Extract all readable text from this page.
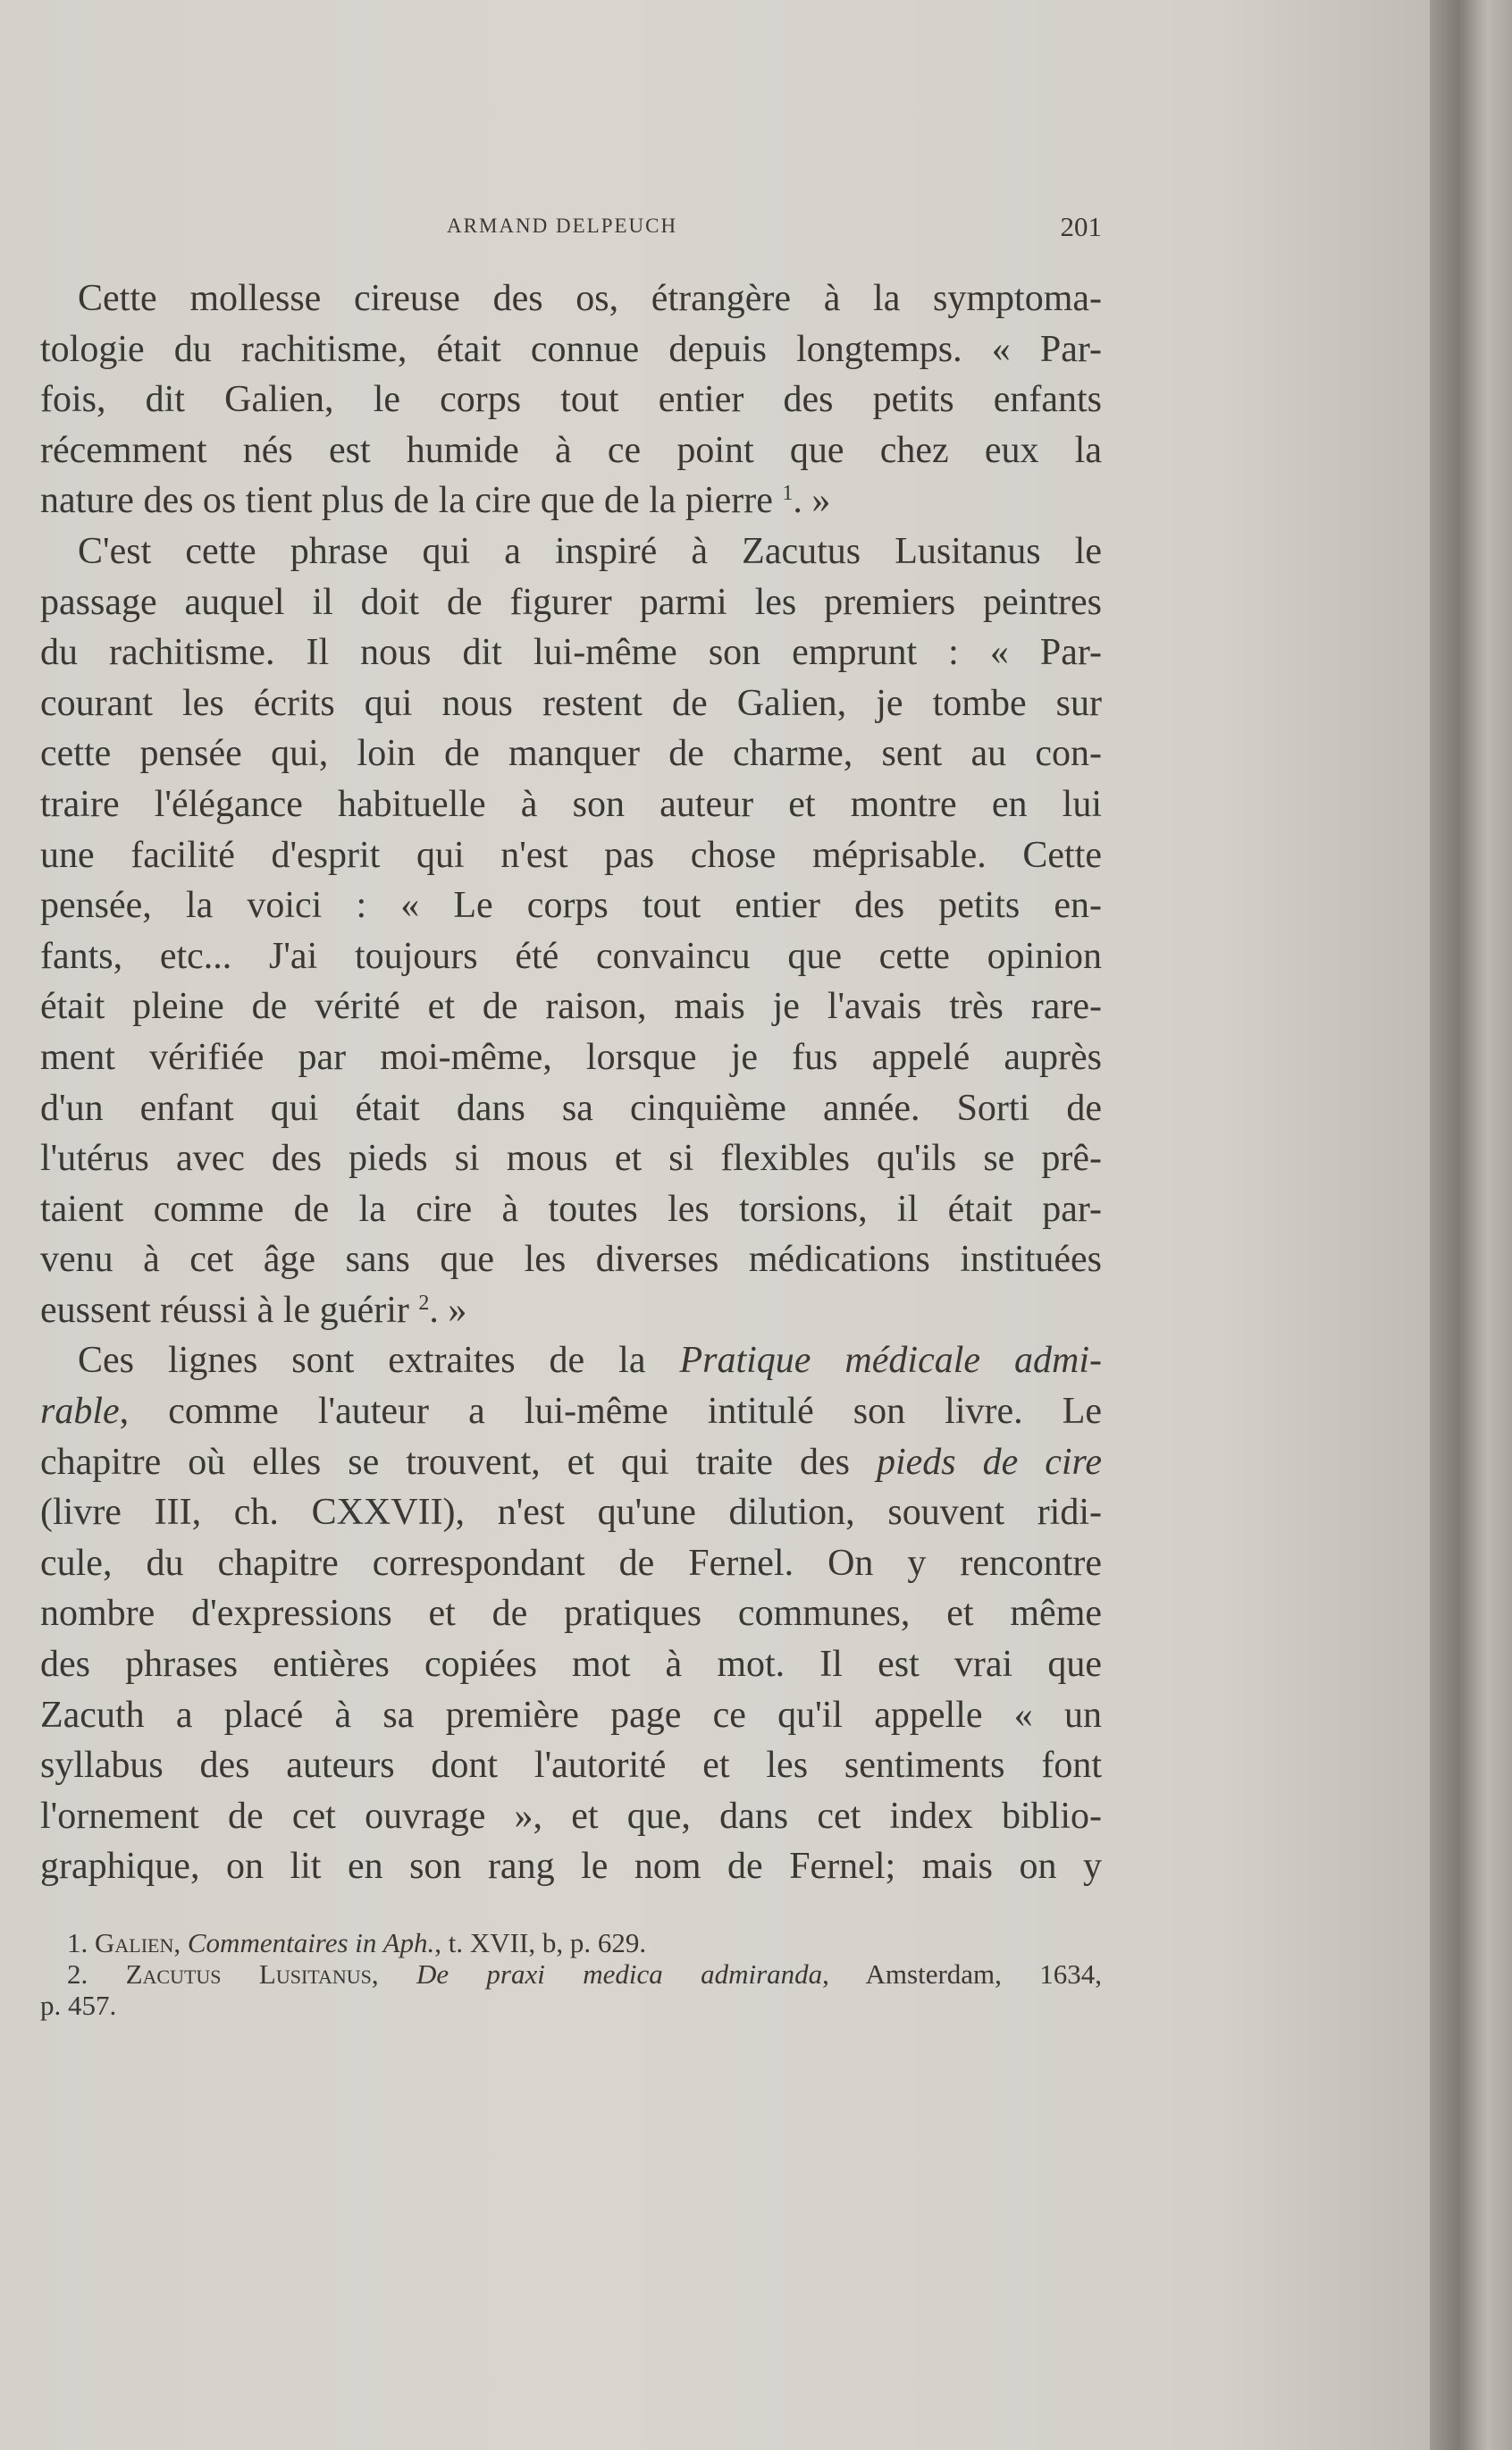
ARMAND DELPEUCH	201
Cette mollesse cireuse des os, étrangère à la symptoma-
tologie du rachitisme, était connue depuis longtemps. « Par-
fois, dit Galien, le corps tout entier des petits enfants
récemment nés est humide à ce point que chez eux la
nature des os tient plus de la cire que de la pierre $^1$. »
C'est cette phrase qui a inspiré à Zacutus Lusitanus le
passage auquel il doit de figurer parmi les premiers peintres
du rachitisme. Il nous dit lui-même son emprunt : « Par-
courant les écrits qui nous restent de Galien, je tombe sur
cette pensée qui, loin de manquer de charme, sent au con-
traire l'élégance habituelle à son auteur et montre en lui
une facilité d'esprit qui n'est pas chose méprisable. Cette
pensée, la voici : « Le corps tout entier des petits en-
fants, etc... J'ai toujours été convaincu que cette opinion
était pleine de vérité et de raison, mais je l'avais très rare-
ment vérifiée par moi-même, lorsque je fus appelé auprès
d'un enfant qui était dans sa cinquième année. Sorti de
l'utérus avec des pieds si mous et si flexibles qu'ils se prê-
taient comme de la cire à toutes les torsions, il était par-
venu à cet âge sans que les diverses médications instituées
eussent réussi à le guérir $^2$. »
Ces lignes sont extraites de la Pratique médicale admi-
rable, comme l'auteur a lui-même intitulé son livre. Le
chapitre où elles se trouvent, et qui traite des pieds de cire
(livre III, ch. CXXVII), n'est qu'une dilution, souvent ridi-
cule, du chapitre correspondant de Fernel. On y rencontre
nombre d'expressions et de pratiques communes, et même
des phrases entières copiées mot à mot. Il est vrai que
Zacuth a placé à sa première page ce qu'il appelle « un
syllabus des auteurs dont l'autorité et les sentiments font
l'ornement de cet ouvrage », et que, dans cet index biblio-
graphique, on lit en son rang le nom de Fernel; mais on y
1. Galien, Commentaires in Aph., t. XVII, b, p. 629.
2. Zacutus Lusitanus, De praxi medica admiranda, Amsterdam, 1634,
p. 457.
